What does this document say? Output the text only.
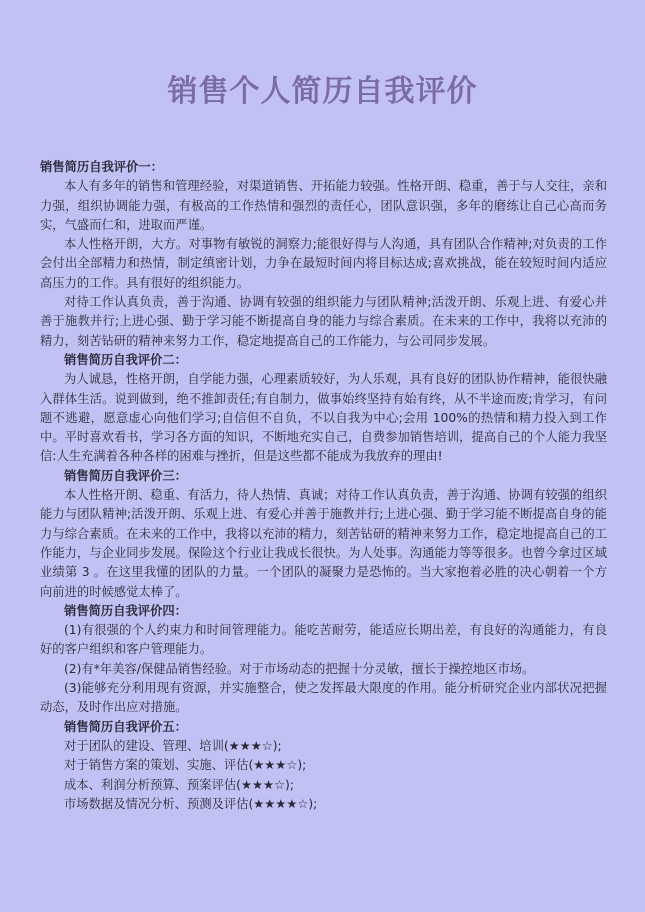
销售个人简历自我评价

销售简历自我评价一：

本人有多年的销售和管理经验，对渠道销售、开拓能力较强。性格开朗、稳重，善于与人交往，亲和力强，组织协调能力强，有极高的工作热情和强烈的责任心，团队意识强，多年的磨练让自己心高而务实，气盛而仁和，进取而严谨。

本人性格开朗，大方。对事物有敏锐的洞察力;能很好得与人沟通，具有团队合作精神;对负责的工作会付出全部精力和热情，制定缜密计划，力争在最短时间内将目标达成;喜欢挑战，能在较短时间内适应高压力的工作。具有很好的组织能力。

对待工作认真负责，善于沟通、协调有较强的组织能力与团队精神;活泼开朗、乐观上进、有爱心并善于施教并行;上进心强、勤于学习能不断提高自身的能力与综合素质。在未来的工作中，我将以充沛的精力，刻苦钻研的精神来努力工作，稳定地提高自己的工作能力，与公司同步发展。

销售简历自我评价二：

为人诚恳，性格开朗，自学能力强，心理素质较好，为人乐观，具有良好的团队协作精神，能很快融入群体生活。说到做到，绝不推卸责任;有自制力，做事始终坚持有始有终，从不半途而废;肯学习，有问题不逃避，愿意虚心向他们学习;自信但不自负，不以自我为中心;会用 100%的热情和精力投入到工作中。平时喜欢看书，学习各方面的知识，不断地充实自己，自费参加销售培训，提高自己的个人能力我坚信:人生充满着各种各样的困难与挫折，但是这些都不能成为我放弃的理由!

销售简历自我评价三：

本人性格开朗、稳重、有活力，待人热情、真诚；对待工作认真负责，善于沟通、协调有较强的组织能力与团队精神;活泼开朗、乐观上进、有爱心并善于施教并行;上进心强、勤于学习能不断提高自身的能力与综合素质。在未来的工作中，我将以充沛的精力，刻苦钻研的精神来努力工作，稳定地提高自己的工作能力，与企业同步发展。保险这个行业让我成长很快。为人处事。沟通能力等等很多。也曾今拿过区域业绩第 3 。在这里我懂的团队的力量。一个团队的凝聚力是恐怖的。当大家抱着必胜的决心朝着一个方向前进的时候感觉太棒了。

销售简历自我评价四：

(1)有很强的个人约束力和时间管理能力。能吃苦耐劳，能适应长期出差，有良好的沟通能力，有良好的客户组织和客户管理能力。

(2)有*年美容/保健品销售经验。对于市场动态的把握十分灵敏，擅长于操控地区市场。

(3)能够充分利用现有资源，并实施整合，使之发挥最大限度的作用。能分析研究企业内部状况把握动态，及时作出应对措施。

销售简历自我评价五：

对于团队的建设、管理、培训(★★★☆);

对于销售方案的策划、实施、评估(★★★☆);

成本、利润分析预算、预案评估(★★★☆);

市场数据及情况分析、预测及评估(★★★★☆);
